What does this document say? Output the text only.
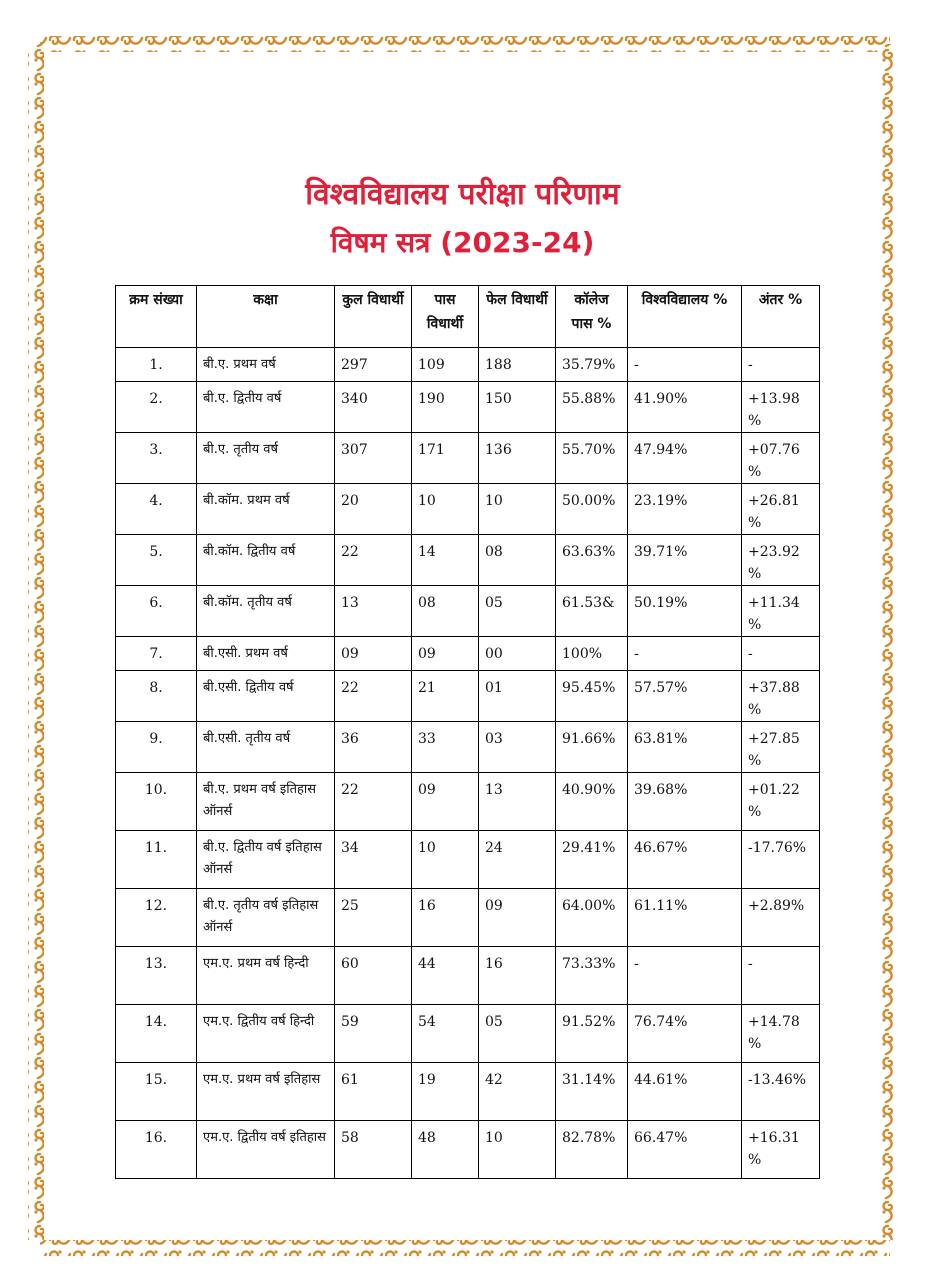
विश्वविद्यालय परीक्षा परिणाम

विषम सत्र (2023-24)

क्रम संख्या	कक्षा	कुल विधार्थी	पास विधार्थी	फेल विधार्थी	कॉलेज पास %	विश्वविद्यालय %	अंतर %
1.	बी.ए. प्रथम वर्ष	297	109	188	35.79%	-	-
2.	बी.ए. द्वितीय वर्ष	340	190	150	55.88%	41.90%	+13.98%
3.	बी.ए. तृतीय वर्ष	307	171	136	55.70%	47.94%	+07.76%
4.	बी.कॉम. प्रथम वर्ष	20	10	10	50.00%	23.19%	+26.81%
5.	बी.कॉम. द्वितीय वर्ष	22	14	08	63.63%	39.71%	+23.92%
6.	बी.कॉम. तृतीय वर्ष	13	08	05	61.53&	50.19%	+11.34%
7.	बी.एसी. प्रथम वर्ष	09	09	00	100%	-	-
8.	बी.एसी. द्वितीय वर्ष	22	21	01	95.45%	57.57%	+37.88%
9.	बी.एसी. तृतीय वर्ष	36	33	03	91.66%	63.81%	+27.85%
10.	बी.ए. प्रथम वर्ष इतिहास ऑनर्स	22	09	13	40.90%	39.68%	+01.22%
11.	बी.ए. द्वितीय वर्ष इतिहास ऑनर्स	34	10	24	29.41%	46.67%	-17.76%
12.	बी.ए. तृतीय वर्ष इतिहास ऑनर्स	25	16	09	64.00%	61.11%	+2.89%
13.	एम.ए. प्रथम वर्ष हिन्दी	60	44	16	73.33%	-	-
14.	एम.ए. द्वितीय वर्ष हिन्दी	59	54	05	91.52%	76.74%	+14.78%
15.	एम.ए. प्रथम वर्ष इतिहास	61	19	42	31.14%	44.61%	-13.46%
16.	एम.ए. द्वितीय वर्ष इतिहास	58	48	10	82.78%	66.47%	+16.31%
